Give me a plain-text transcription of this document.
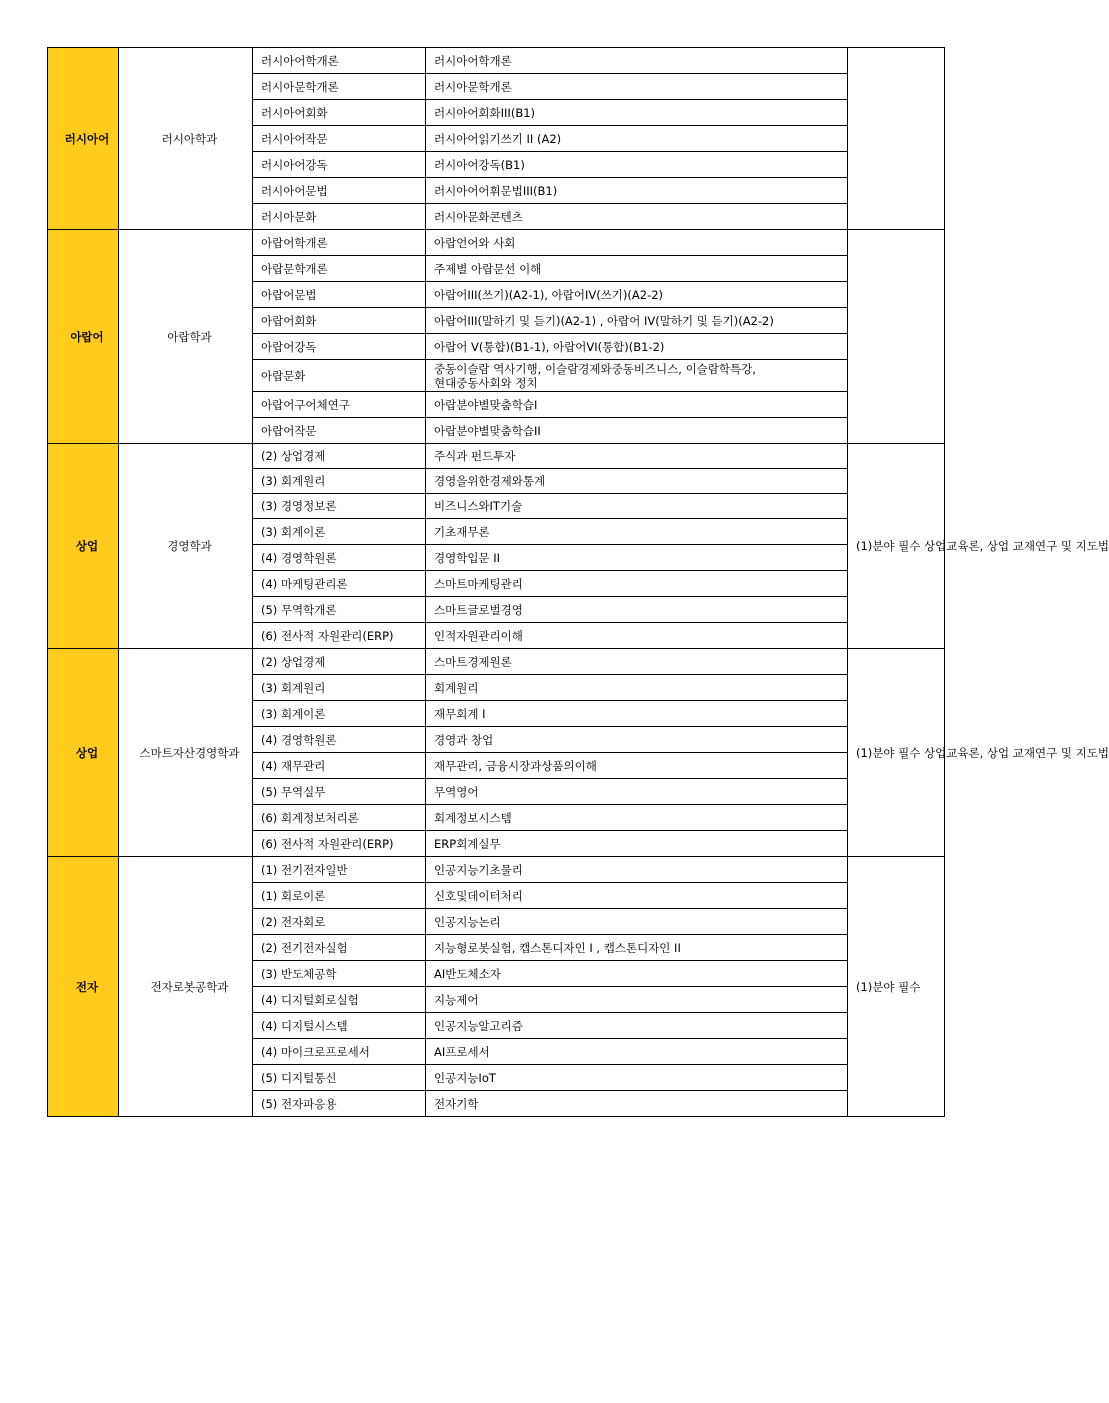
러시아어	러시아학과	러시아어학개론	러시아어학개론	
		러시아문학개론	러시아문학개론	
		러시아어회화	러시아어회화III(B1)	
		러시아어작문	러시아어읽기쓰기 II (A2)	
		러시아어강독	러시아어강독(B1)	
		러시아어문법	러시아어어휘문법III(B1)	
		러시아문화	러시아문화콘텐츠	
아랍어	아랍학과	아랍어학개론	아랍언어와 사회	
		아랍문학개론	주제별 아랍문선 이해	
		아랍어문법	아랍어III(쓰기)(A2-1), 아랍어IV(쓰기)(A2-2)	
		아랍어회화	아랍어III(말하기 및 듣기)(A2-1) , 아랍어 IV(말하기 및 듣기)(A2-2)	
		아랍어강독	아랍어 V(통합)(B1-1), 아랍어VI(통합)(B1-2)	
		아랍문화	중동이슬람 역사기행, 이슬람경제와중동비즈니스, 이슬람학특강,
현대중동사회와 정치	
		아랍어구어체연구	아랍분야별맞춤학습I	
		아랍어작문	아랍분야별맞춤학습II	
상업	경영학과	(2) 상업경제	주식과 펀드투자	(1)분야 필수 상업교육론, 상업 교재연구 및 지도법
		(3) 회계원리	경영을위한경제와통계	
		(3) 경영정보론	비즈니스와IT기술	
		(3) 회계이론	기초재무론	
		(4) 경영학원론	경영학입문 II	
		(4) 마케팅관리론	스마트마케팅관리	
		(5) 무역학개론	스마트글로벌경영	
		(6) 전사적 자원관리(ERP)	인적자원관리이해	
상업	스마트자산경영학과	(2) 상업경제	스마트경제원론	(1)분야 필수 상업교육론, 상업 교재연구 및 지도법
		(3) 회계원리	회계원리	
		(3) 회계이론	재무회계 I	
		(4) 경영학원론	경영과 창업	
		(4) 재무관리	재무관리, 금융시장과상품의이해	
		(5) 무역실무	무역영어	
		(6) 회계정보처리론	회계정보시스템	
		(6) 전사적 자원관리(ERP)	ERP회계실무	
전자	전자로봇공학과	(1) 전기전자일반	인공지능기초물리	(1)분야 필수
		(1) 회로이론	신호및데이터처리	
		(2) 전자회로	인공지능논리	
		(2) 전기전자실험	지능형로봇실험, 캡스톤디자인 I , 캡스톤디자인 II	
		(3) 반도체공학	AI반도체소자	
		(4) 디지털회로실험	지능제어	
		(4) 디지털시스템	인공지능알고리즘	
		(4) 마이크로프로세서	AI프로세서	
		(5) 디지털통신	인공지능IoT	
		(5) 전자파응용	전자기학	
